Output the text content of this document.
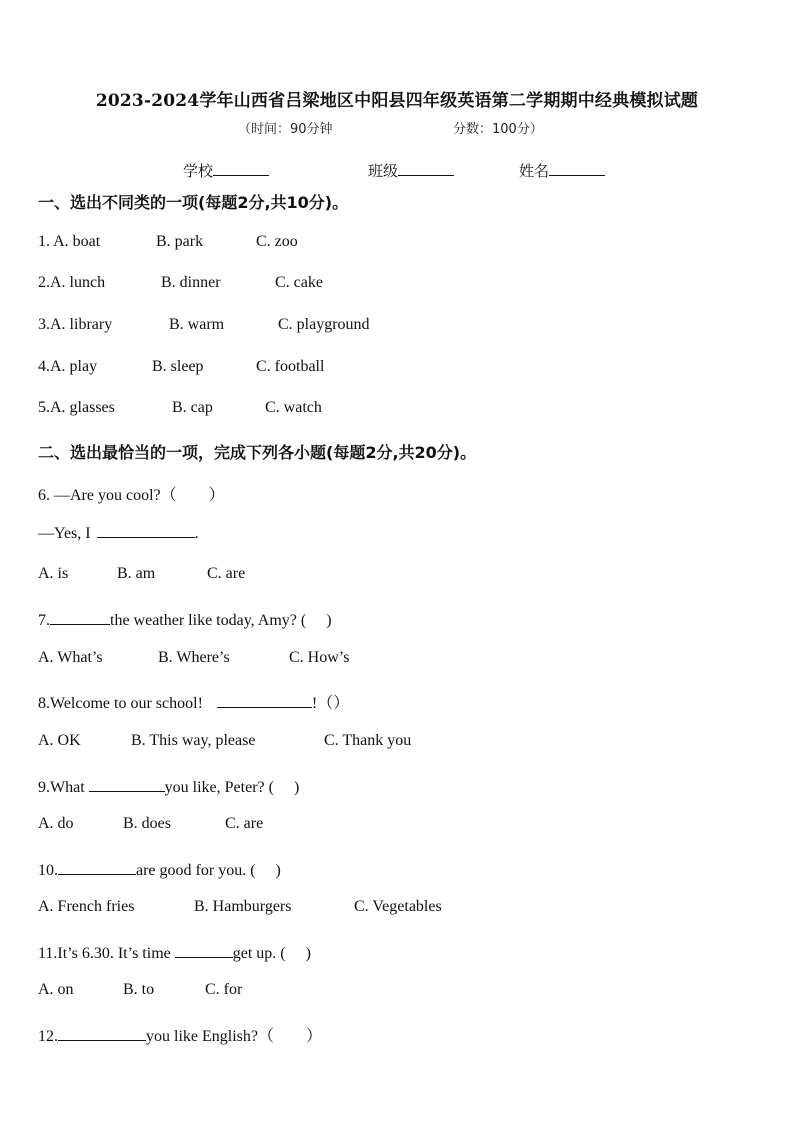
2023-2024学年山西省吕梁地区中阳县四年级英语第二学期期中经典模拟试题
（时间：90分钟	分数：100分）
学校	班级	姓名
一、选出不同类的一项(每题2分,共10分)。
1. A. boat	B. park	C. zoo
2.A. lunch	B. dinner	C. cake
3.A. library	B. warm	C. playground
4.A. play	B. sleep	C. football
5.A. glasses	B. cap	C. watch
二、选出最恰当的一项，完成下列各小题(每题2分,共20分)。
6. —Are you cool?（　　）
—Yes, I	.
A. is	B. am	C. are
7.	the weather like today, Amy? (　 )
A. What’s	B. Where’s	C. How’s
8.Welcome to our school!	!（）
A. OK	B. This way, please	C. Thank you
9.What	you like, Peter? (　 )
A. do	B. does	C. are
10.	are good for you. (　 )
A. French fries	B. Hamburgers	C. Vegetables
11.It’s 6.30. It’s time	get up. (　 )
A. on	B. to	C. for
12.	you like English?（　　）
